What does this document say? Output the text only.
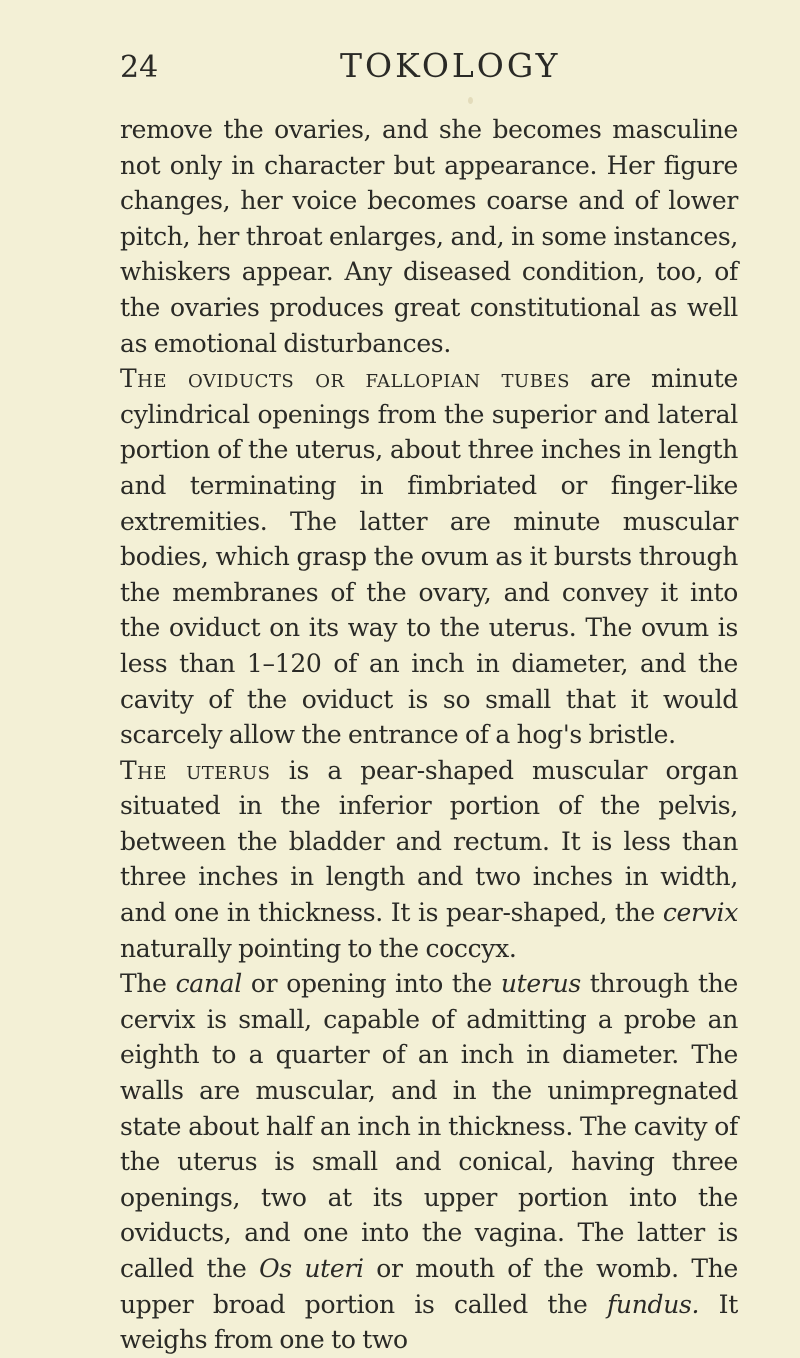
24	TOKOLOGY

remove the ovaries, and she becomes masculine not only in character but appearance. Her figure changes, her voice becomes coarse and of lower pitch, her throat enlarges, and, in some instances, whiskers appear. Any diseased condition, too, of the ovaries produces great constitutional as well as emotional disturbances.

The oviducts or fallopian tubes are minute cylindrical openings from the superior and lateral portion of the uterus, about three inches in length and terminating in fimbriated or finger-like extremities. The latter are minute muscular bodies, which grasp the ovum as it bursts through the membranes of the ovary, and convey it into the oviduct on its way to the uterus. The ovum is less than 1–120 of an inch in diameter, and the cavity of the oviduct is so small that it would scarcely allow the entrance of a hog's bristle.

The uterus is a pear-shaped muscular organ situated in the inferior portion of the pelvis, between the bladder and rectum. It is less than three inches in length and two inches in width, and one in thickness. It is pear-shaped, the cervix naturally pointing to the coccyx.

The canal or opening into the uterus through the cervix is small, capable of admitting a probe an eighth to a quarter of an inch in diameter. The walls are muscular, and in the unimpregnated state about half an inch in thickness. The cavity of the uterus is small and conical, having three openings, two at its upper portion into the oviducts, and one into the vagina. The latter is called the Os uteri or mouth of the womb. The upper broad portion is called the fundus. It weighs from one to two
